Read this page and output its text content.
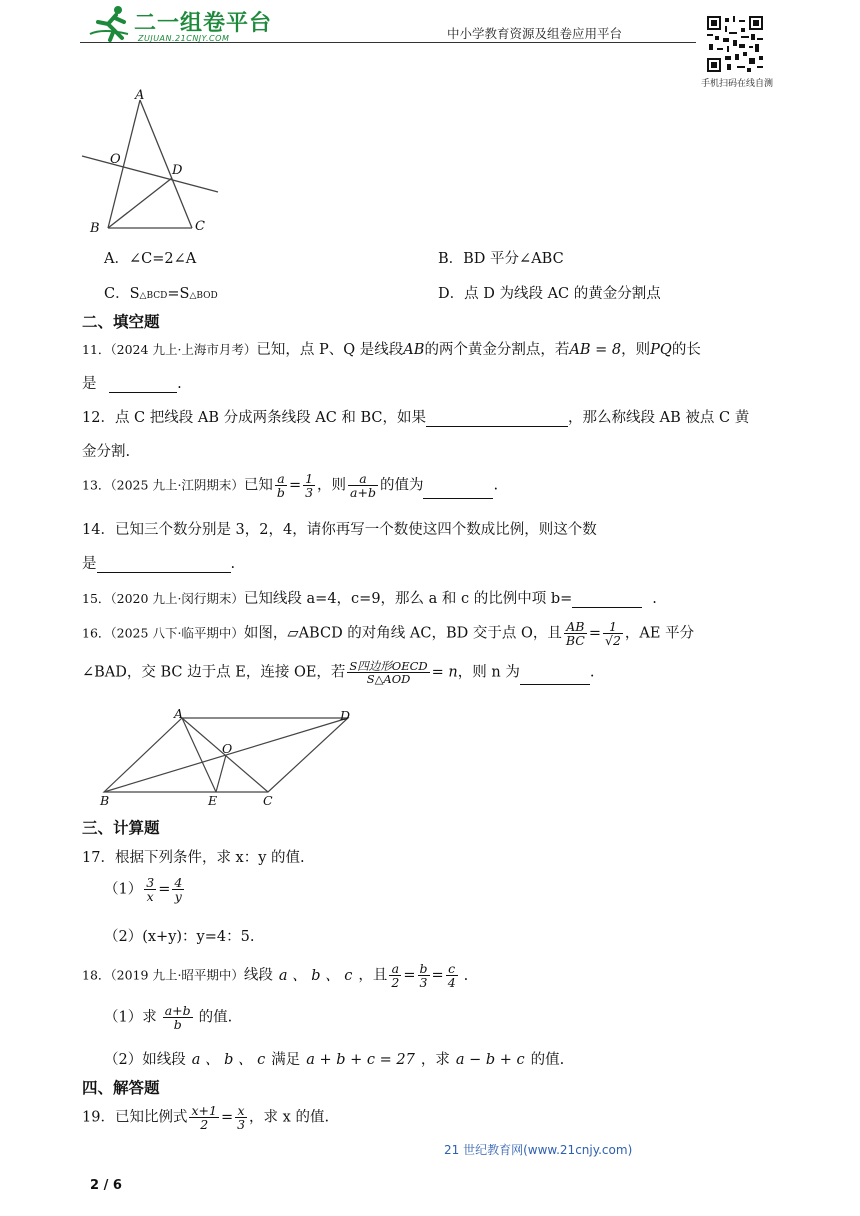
二一组卷平台
ZUJUAN.21CNJY.COM	中小学教育资源及组卷应用平台
手机扫码在线自测
A
O
D
B	C
A．∠C=2∠A	B．BD 平分∠ABC
C．S△BCD=S△BOD	D．点 D 为线段 AC 的黄金分割点
二、填空题
11．（2024 九上·上海市月考）已知，点 P、Q 是线段AB的两个黄金分割点，若AB = 8，则PQ的长
是	.
12．点 C 把线段 AB 分成两条线段 AC 和 BC，如果	，那么称线段 AB 被点 C 黄
金分割.
13．（2025 九上·江阴期末）已知 $\frac{a}{b} = \frac{1}{3}$ ，则 $\frac{a}{a+b}$ 的值为	.
14．已知三个数分别是 3，2，4，请你再写一个数使这四个数成比例，则这个数
是	.
15．（2020 九上·闵行期末）已知线段 a=4，c=9，那么 a 和 c 的比例中项 b=	.
16．（2025 八下·临平期中）如图，▱ABCD 的对角线 AC，BD 交于点 O，且 $\frac{AB}{BC} = \frac{1}{√2}$ ，AE 平分
∠BAD，交 BC 边于点 E，连接 OE，若 $\frac{\text{S四边形OECD}}{\text{S△AOD}} = n$，则 n 为	.
A	D
O
B	E	C
三、计算题
17．根据下列条件，求 x：y 的值.
$(1) \frac{3}{x} = \frac{4}{y}$
（2）(x+y)：y=4：5.
18．（2019 九上·昭平期中）线段 a 、 b 、 c ，且 $\frac{a}{2} = \frac{b}{3} = \frac{c}{4}$ .
（1）求 $\frac{a+b}{b}$ 的值.
（2）如线段 a 、 b 、 c 满足 a + b + c = 27 ，求 a − b + c 的值.
四、解答题
19．已知比例式 $\frac{x+1}{2} = \frac{x}{3}$ ，求 x 的值.
21 世纪教育网(www.21cnjy.com)
2 / 6
